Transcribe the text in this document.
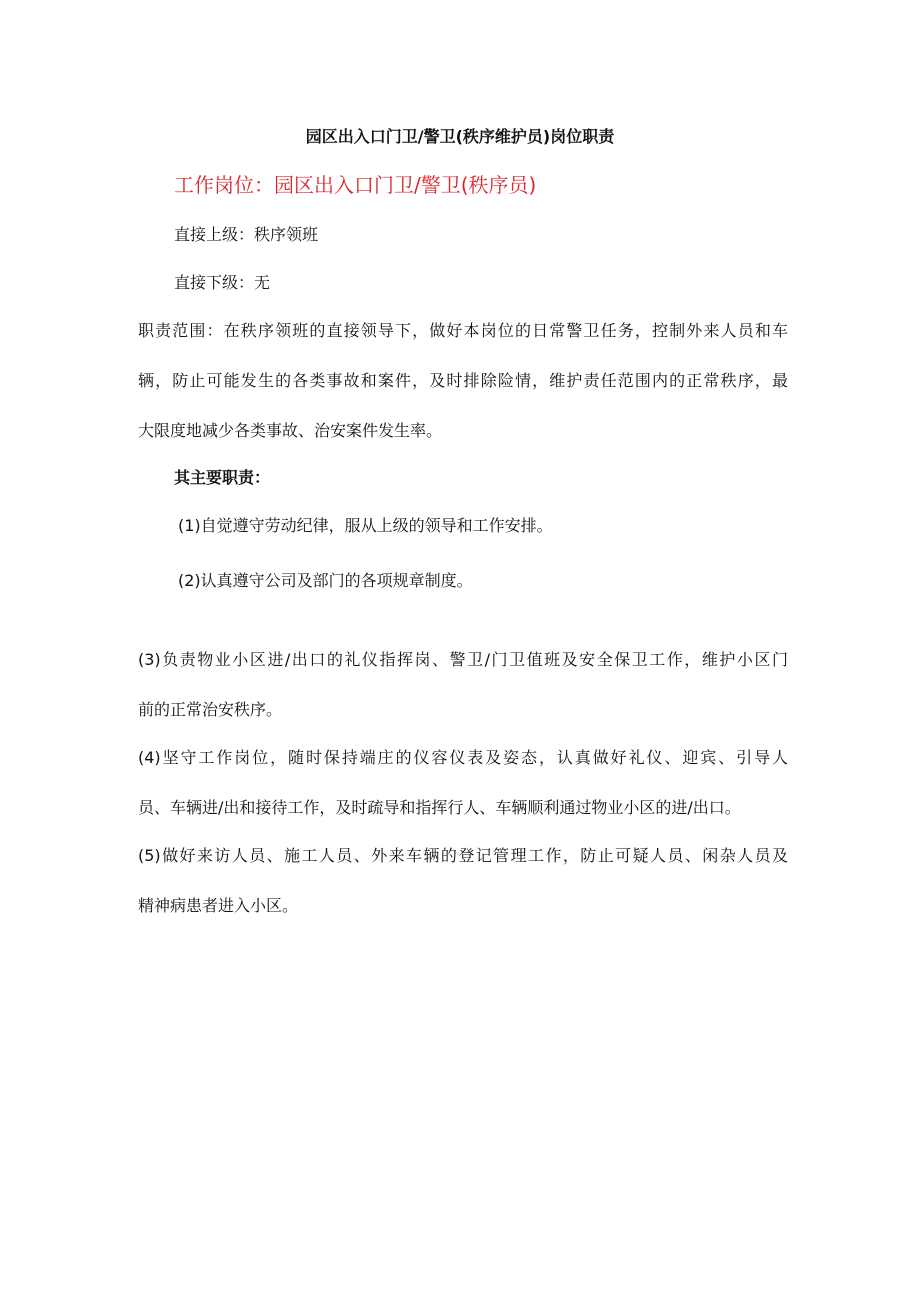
园区出入口门卫/警卫(秩序维护员)岗位职责
工作岗位：园区出入口门卫/警卫(秩序员)
直接上级：秩序领班
直接下级：无
职责范围：在秩序领班的直接领导下，做好本岗位的日常警卫任务，控制外来人员和车
辆，防止可能发生的各类事故和案件，及时排除险情，维护责任范围内的正常秩序，最
大限度地减少各类事故、治安案件发生率。
其主要职责：
(1)自觉遵守劳动纪律，服从上级的领导和工作安排。
(2)认真遵守公司及部门的各项规章制度。
(3)负责物业小区进/出口的礼仪指挥岗、警卫/门卫值班及安全保卫工作，维护小区门
前的正常治安秩序。
(4)坚守工作岗位，随时保持端庄的仪容仪表及姿态，认真做好礼仪、迎宾、引导人
员、车辆进/出和接待工作，及时疏导和指挥行人、车辆顺利通过物业小区的进/出口。
(5)做好来访人员、施工人员、外来车辆的登记管理工作，防止可疑人员、闲杂人员及
精神病患者进入小区。
